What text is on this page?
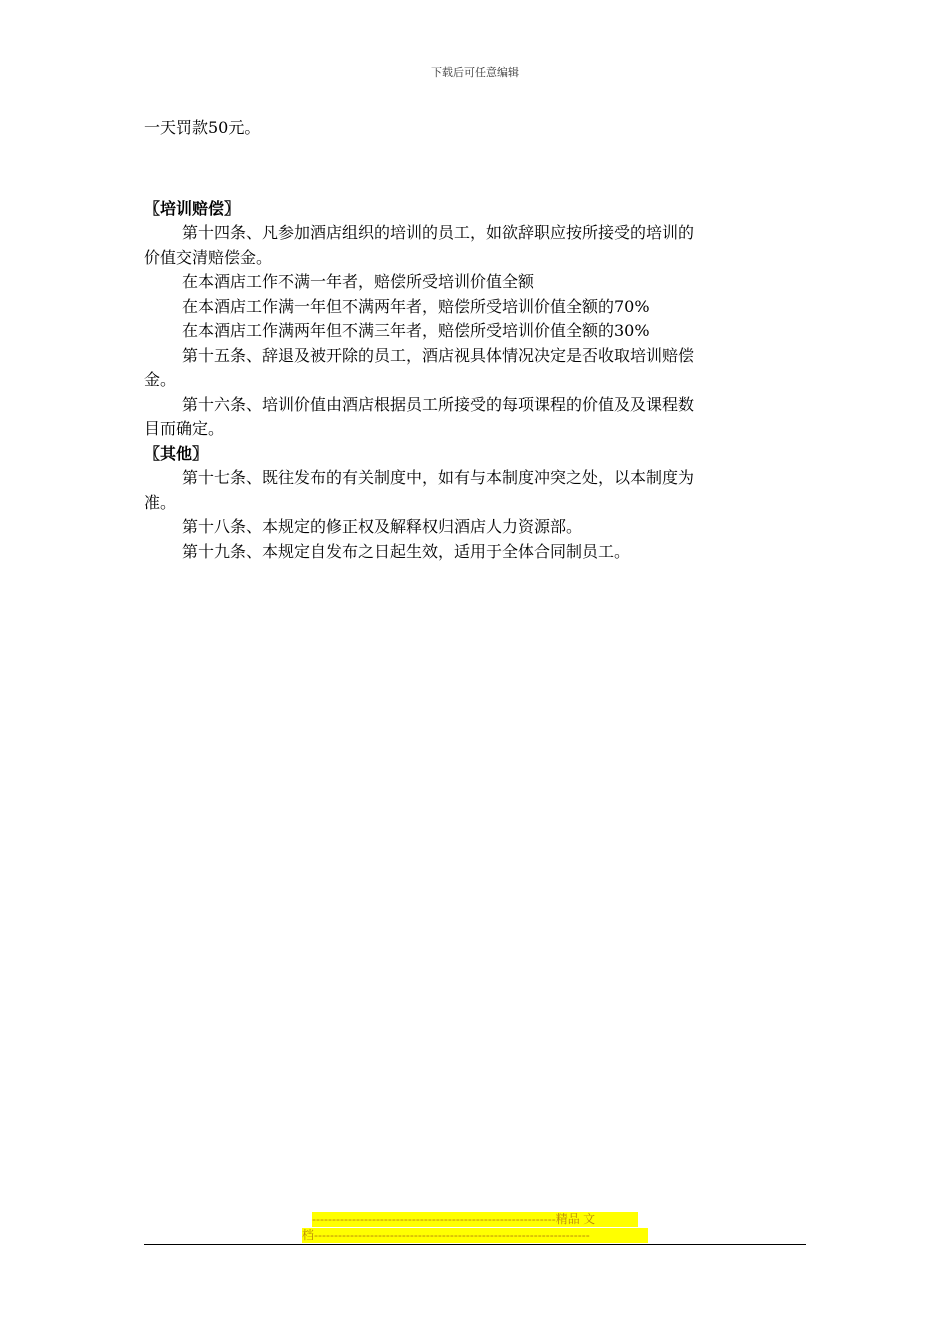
下载后可任意编辑

一天罚款50元。

〖培训赔偿〗

第十四条、凡参加酒店组织的培训的员工，如欲辞职应按所接受的培训的

价值交清赔偿金。

在本酒店工作不满一年者，赔偿所受培训价值全额

在本酒店工作满一年但不满两年者，赔偿所受培训价值全额的70%

在本酒店工作满两年但不满三年者，赔偿所受培训价值全额的30%

第十五条、辞退及被开除的员工，酒店视具体情况决定是否收取培训赔偿

金。

第十六条、培训价值由酒店根据员工所接受的每项课程的价值及及课程数

目而确定。

〖其他〗

第十七条、既往发布的有关制度中，如有与本制度冲突之处，以本制度为

准。

第十八条、本规定的修正权及解释权归酒店人力资源部。

第十九条、本规定自发布之日起生效，适用于全体合同制员工。

-------------------------------------------------------------精品 文
档---------------------------------------------------------------------
